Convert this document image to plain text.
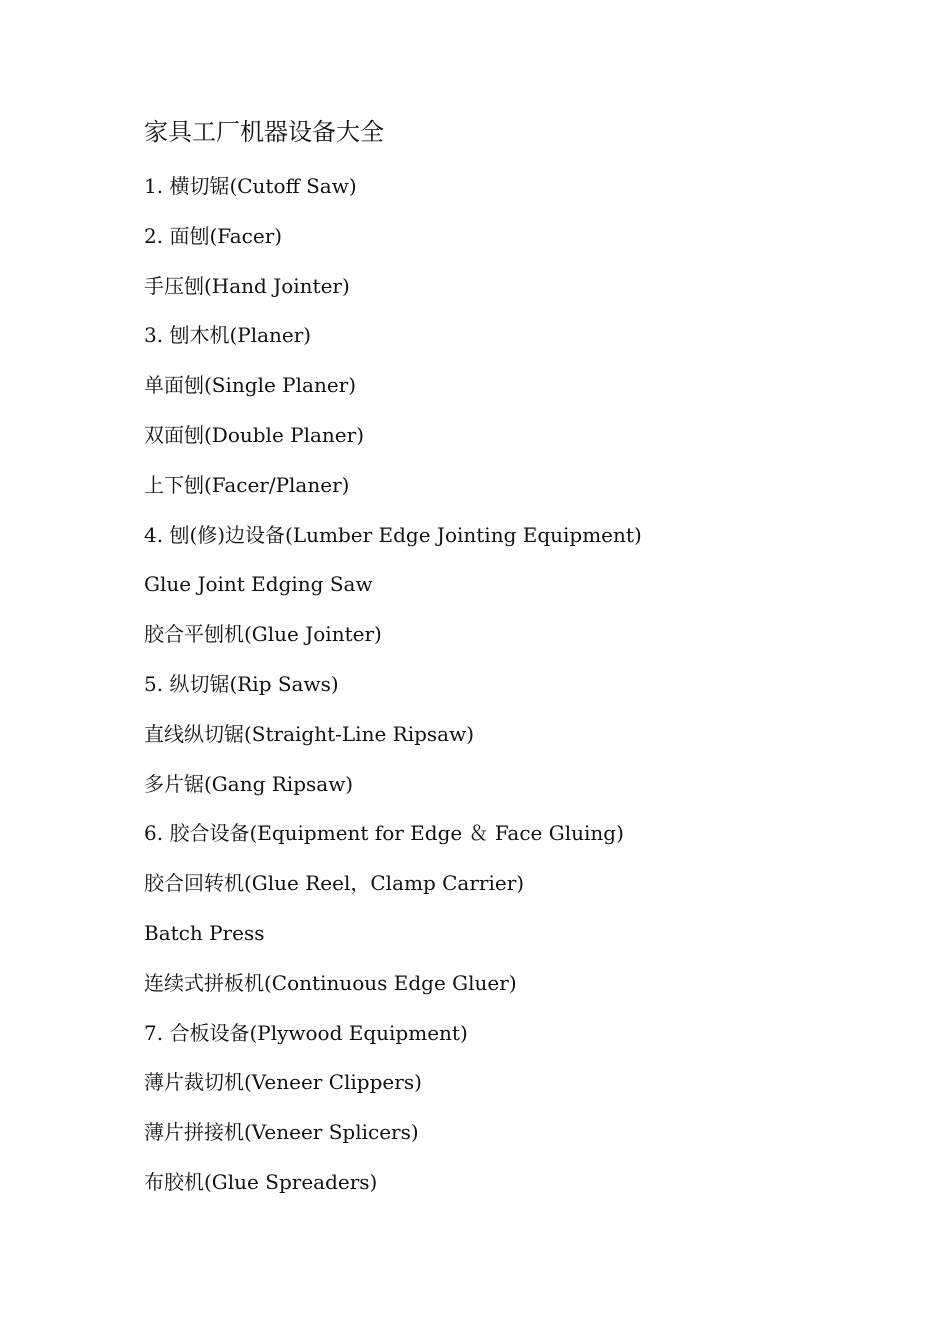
家具工厂机器设备大全
1. 横切锯(Cutoff Saw)
2. 面刨(Facer)
手压刨(Hand Jointer)
3. 刨木机(Planer)
单面刨(Single Planer)
双面刨(Double Planer)
上下刨(Facer/Planer)
4. 刨(修)边设备(Lumber Edge Jointing Equipment)
Glue Joint Edging Saw
胶合平刨机(Glue Jointer)
5. 纵切锯(Rip Saws)
直线纵切锯(Straight-Line Ripsaw)
多片锯(Gang Ripsaw)
6. 胶合设备(Equipment for Edge ＆ Face Gluing)
胶合回转机(Glue Reel，Clamp Carrier)
Batch Press
连续式拼板机(Continuous Edge Gluer)
7. 合板设备(Plywood Equipment)
薄片裁切机(Veneer Clippers)
薄片拼接机(Veneer Splicers)
布胶机(Glue Spreaders)
